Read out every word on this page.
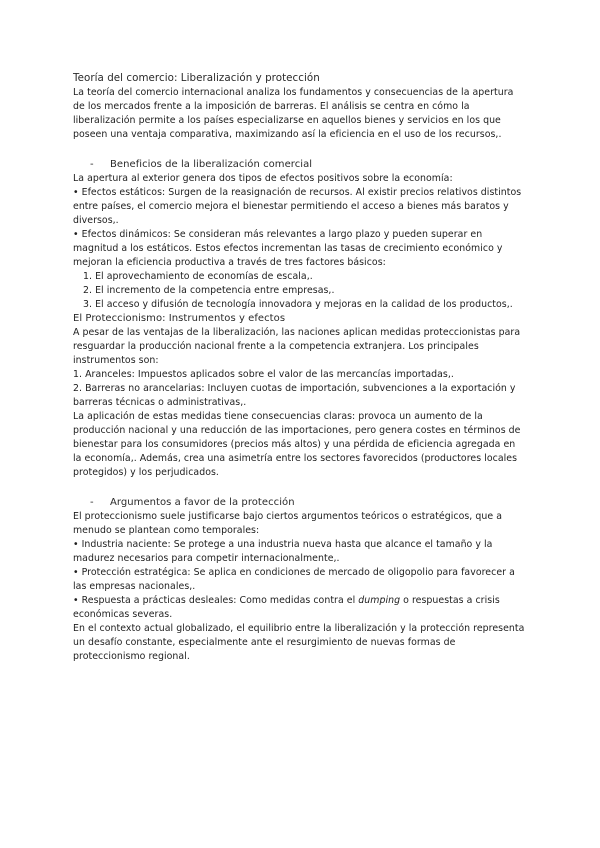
Teoría del comercio: Liberalización y protección

La teoría del comercio internacional analiza los fundamentos y consecuencias de la apertura de los mercados frente a la imposición de barreras. El análisis se centra en cómo la liberalización permite a los países especializarse en aquellos bienes y servicios en los que poseen una ventaja comparativa, maximizando así la eficiencia en el uso de los recursos,.

- Beneficios de la liberalización comercial

La apertura al exterior genera dos tipos de efectos positivos sobre la economía:

• Efectos estáticos: Surgen de la reasignación de recursos. Al existir precios relativos distintos entre países, el comercio mejora el bienestar permitiendo el acceso a bienes más baratos y diversos,.

• Efectos dinámicos: Se consideran más relevantes a largo plazo y pueden superar en magnitud a los estáticos. Estos efectos incrementan las tasas de crecimiento económico y mejoran la eficiencia productiva a través de tres factores básicos:

1. El aprovechamiento de economías de escala,.

2. El incremento de la competencia entre empresas,.

3. El acceso y difusión de tecnología innovadora y mejoras en la calidad de los productos,.

El Proteccionismo: Instrumentos y efectos

A pesar de las ventajas de la liberalización, las naciones aplican medidas proteccionistas para resguardar la producción nacional frente a la competencia extranjera. Los principales instrumentos son:

1. Aranceles: Impuestos aplicados sobre el valor de las mercancías importadas,.

2. Barreras no arancelarias: Incluyen cuotas de importación, subvenciones a la exportación y barreras técnicas o administrativas,.

La aplicación de estas medidas tiene consecuencias claras: provoca un aumento de la producción nacional y una reducción de las importaciones, pero genera costes en términos de bienestar para los consumidores (precios más altos) y una pérdida de eficiencia agregada en la economía,. Además, crea una asimetría entre los sectores favorecidos (productores locales protegidos) y los perjudicados.

- Argumentos a favor de la protección

El proteccionismo suele justificarse bajo ciertos argumentos teóricos o estratégicos, que a menudo se plantean como temporales:

• Industria naciente: Se protege a una industria nueva hasta que alcance el tamaño y la madurez necesarios para competir internacionalmente,.

• Protección estratégica: Se aplica en condiciones de mercado de oligopolio para favorecer a las empresas nacionales,.

• Respuesta a prácticas desleales: Como medidas contra el dumping o respuestas a crisis económicas severas.

En el contexto actual globalizado, el equilibrio entre la liberalización y la protección representa un desafío constante, especialmente ante el resurgimiento de nuevas formas de proteccionismo regional.
